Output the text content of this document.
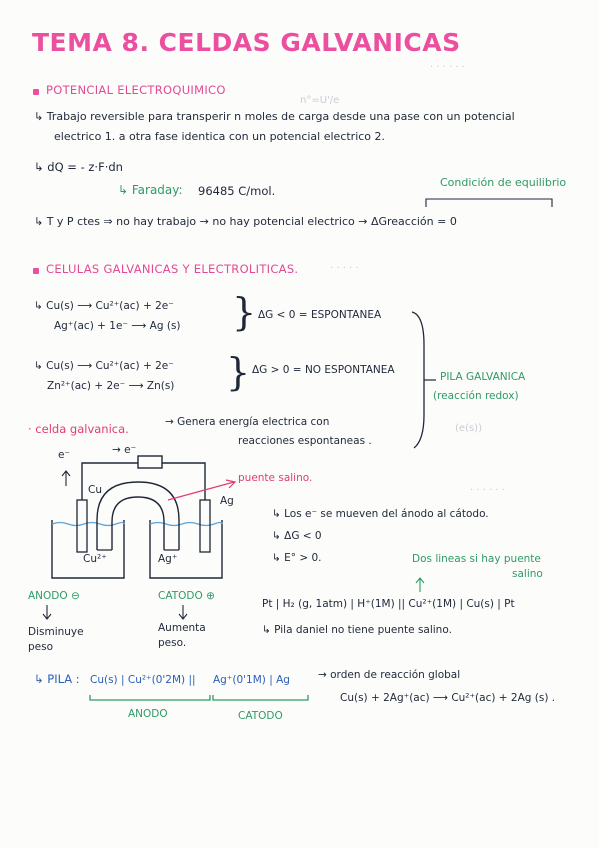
TEMA 8. CELDAS GALVANICAS
n°=U'/e
· · · · · ·
(e(s))
· · · · ·
· · · · · ·
POTENCIAL ELECTROQUIMICO
↳ Trabajo reversible para transperir n moles de carga desde una pase con un potencial
electrico 1. a otra fase identica con un potencial electrico 2.
↳ dQ = - z·F·dn
↳ Faraday: 96485 C/mol.
Condición de equilibrio
↳ T y P ctes ⇒ no hay trabajo → no hay potencial electrico → ΔGreacción = 0
CELULAS GALVANICAS Y ELECTROLITICAS.
↳ Cu(s) ⟶ Cu²⁺(ac) + 2e⁻
Ag⁺(ac) + 1e⁻ ⟶ Ag (s) } ΔG < 0 = ESPONTANEA
↳ Cu(s) ⟶ Cu²⁺(ac) + 2e⁻
Zn²⁺(ac) + 2e⁻ ⟶ Zn(s) } ΔG > 0 = NO ESPONTANEA
PILA GALVANICA
(reacción redox)
· celda galvanica.	→ Genera energía electrica con
reacciones espontaneas .
e⁻	→ e⁻
Cu
Ag
Cu²⁺	Ag⁺
puente salino.
ANODO ⊖	CATODO ⊕
Disminuye
peso
Aumenta
peso.
↳ Los e⁻ se mueven del ánodo al cátodo.
↳ ΔG < 0
↳ E° > 0.	Dos lineas si hay puente
salino
Pt | H₂ (g, 1atm) | H⁺(1M) || Cu²⁺(1M) | Cu(s) | Pt
↳ Pila daniel no tiene puente salino.
↳ PILA : Cu(s) | Cu²⁺(0'2M) || Ag⁺(0'1M) | Ag	→ orden de reacción global
Cu(s) + 2Ag⁺(ac) ⟶ Cu²⁺(ac) + 2Ag (s) .
ANODO	CATODO
